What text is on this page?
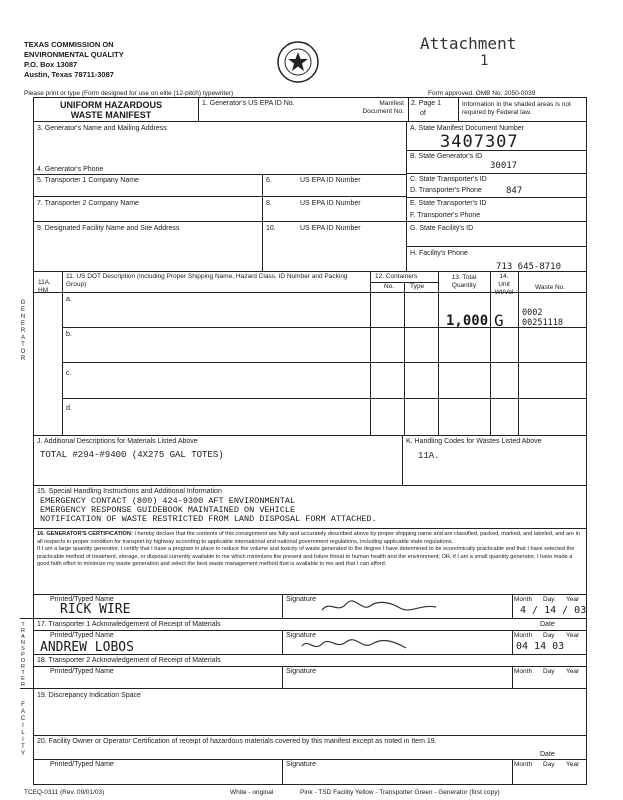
TEXAS COMMISSION ON
ENVIRONMENTAL QUALITY
P.O. Box 13087
Austin, Texas 78711-3087
Attachment
1
Please print or type (Form designed for use on elite (12-pitch) typewriter)	Form approved. OMB No. 2050-0039
UNIFORM HAZARDOUS
WASTE MANIFEST
1. Generator's US EPA ID No.	Manifest Document No.
2. Page 1
of
Information in the shaded areas is not required by Federal law.
3. Generator's Name and Mailing Address
4. Generator's Phone
5. Transporter 1 Company Name	6.	US EPA ID Number
7. Transporter 2 Company Name	8.	US EPA ID Number
9. Designated Facility Name and Site Address	10.	US EPA ID Number
A. State Manifest Document Number
3407307
B. State Generator's ID
30017
C. State Transporter's ID
D. Transporter's Phone	847
E. State Transporter's ID
F. Transporter's Phone
G. State Facility's ID
H. Facility's Phone
713 645-8710
11A. HM
11. US DOT Description (including Proper Shipping Name, Hazard Class, ID Number and Packing Group)
12. Containers
No. Type
13. Total Quantity
14. Unit Wt/Vol
Waste No.
a.
1,000 G 0002
00251118
b.
c.
d.
J. Additional Descriptions for Materials Listed Above
TOTAL #294-#9400 (4X275 GAL TOTES)
K. Handling Codes for Wastes Listed Above
11A.
15. Special Handling Instructions and Additional Information
EMERGENCY CONTACT (800) 424-9300 AFT ENVIRONMENTAL
EMERGENCY RESPONSE GUIDEBOOK MAINTAINED ON VEHICLE
NOTIFICATION OF WASTE RESTRICTED FROM LAND DISPOSAL FORM ATTACHED.
16. GENERATOR'S CERTIFICATION: I hereby declare that the contents of this consignment are fully and accurately described above by proper shipping name and are classified, packed, marked, and labeled, and are in all respects in proper condition for transport by highway according to applicable international and national government regulations, including applicable state regulations.
If I am a large quantity generator, I certify that I have a program in place to reduce the volume and toxicity of waste generated to the degree I have determined to be economically practicable and that I have selected the practicable method of treatment, storage, or disposal currently available to me which minimizes the present and future threat to human health and the environment; OR, if I am a small quantity generator, I have made a good faith effort to minimize my waste generation and select the best waste management method that is available to me and that I can afford.
Printed/Typed Name
RICK WIRE
Signature	Month Day Year
4 / 14 / 03
17. Transporter 1 Acknowledgement of Receipt of Materials	Date
Printed/Typed Name
ANDREW LOBOS
Signature	Month Day Year
04 14 03
18. Transporter 2 Acknowledgement of Receipt of Materials
Printed/Typed Name	Signature	Month Day Year
19. Discrepancy Indication Space
20. Facility Owner or Operator Certification of receipt of hazardous materials covered by this manifest except as noted in Item 19.
Date
Printed/Typed Name	Signature	Month Day Year
GENERATOR
TRANSPORTER
FACILITY
TCEQ-0311 (Rev. 09/01/03)	White - original	Pink - TSD Facility Yellow - Transporter Green - Generator (first copy)
